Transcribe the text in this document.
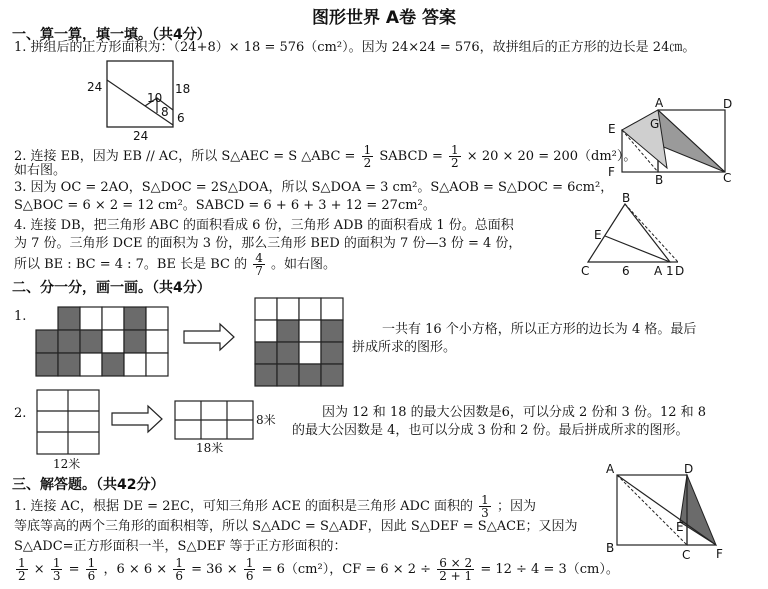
图形世界 A卷 答案
一、算一算，填一填。（共4分）
1. 拼组后的正方形面积为：（24+8）× 18 = 576（cm²）。因为 24×24 = 576，故拼组后的正方形的边长是 24㎝。
24
10
18
8 6
24
2. 连接 EB，因为 EB // AC，所以 S△AEC = S △ABC = $\frac{1}{2}$ SABCD = $\frac{1}{2} \times 20 \times 20 = 200(dm^2)$。
如右图。
3. 因为 OC = 2AO，S△DOC = 2S△DOA，所以 S△DOA = 3 cm²。S△AOB = S△DOC = 6cm²，
S△BOC = 6 × 2 = 12 cm²。SABCD = 6 + 6 + 3 + 12 = 27cm²。
4. 连接 DB，把三角形 ABC 的面积看成 6 份，三角形 ADB 的面积看成 1 份。总面积
为 7 份。三角形 DCE 的面积为 3 份，那么三角形 BED 的面积为 7 份—3 份 = 4 份，
所以 BE : BC = 4 : 7。BE 长是 BC 的 $\frac{4}{7}$ 。如右图。
A	D
E	G
F
B	C
B
E
C	6 A 1 D
二、分一分，画一画。（共4分）
1.
一共有 16 个小方格，所以正方形的边长为 4 格。最后
拼成所求的图形。
2.
12米
8米
18米
因为 12 和 18 的最大公因数是6，可以分成 2 份和 3 份。12 和 8
的最大公因数是 4，也可以分成 3 份和 2 份。最后拼成所求的图形。
三、解答题。（共42分）
1. 连接 AC，根据 DE = 2EC，可知三角形 ACE 的面积是三角形 ADC 面积的 $\frac{1}{3}$ ；因为
等底等高的两个三角形的面积相等，所以 S△ADC = S△ADF，因此 S△DEF = S△ACE；又因为
S△ADC=正方形面积一半，S△DEF 等于正方形面积的：
$\frac{1}{2} \times \frac{1}{3} = \frac{1}{6}$ ，$6 \times 6 \times \frac{1}{6} = 36 \times \frac{1}{6} = 6(cm^2)$，CF = $6 \times 2 \div \frac{6 \times 2}{2 + 1} = 12 \div 4 = 3(cm)$。
A	D
E
B	C F
